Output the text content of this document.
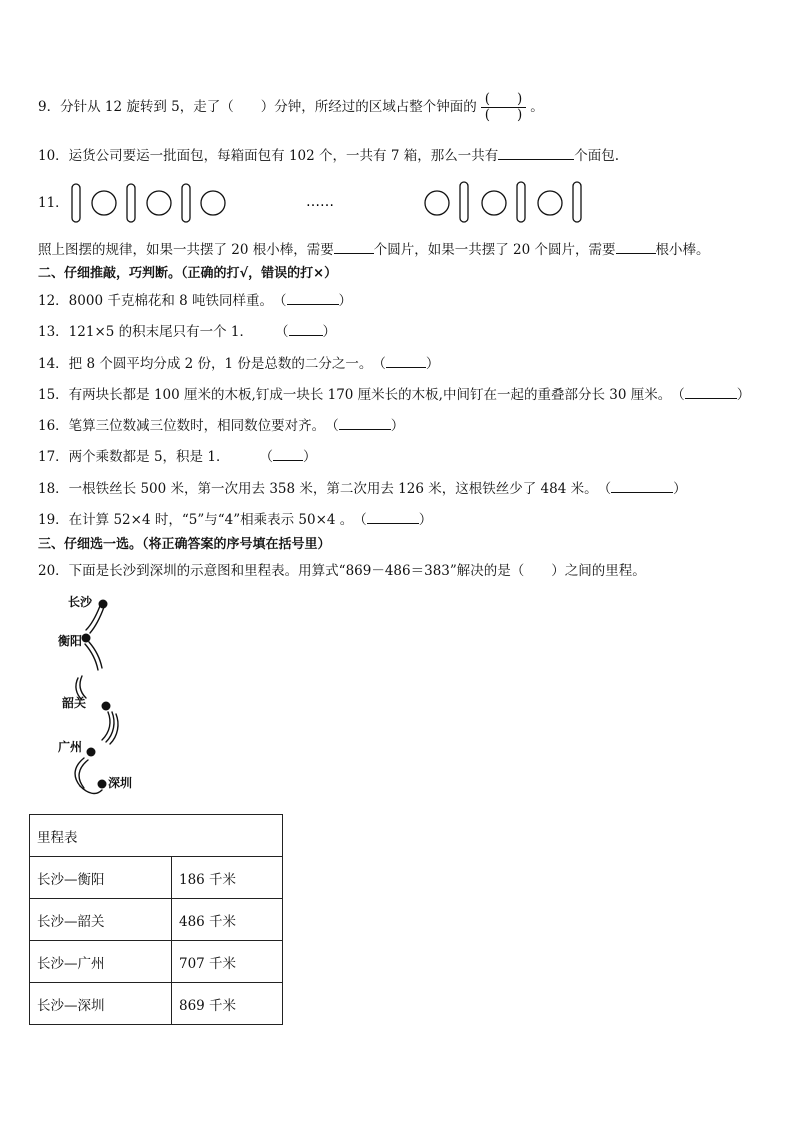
9．分针从 12 旋转到 5，走了（　　）分钟，所经过的区域占整个钟面的 $\frac{( )}{( )}$ 。
10．运货公司要运一批面包，每箱面包有 102 个，一共有 7 箱，那么一共有	个面包.
11．	……
照上图摆的规律，如果一共摆了 20 根小棒，需要	个圆片，如果一共摆了 20 个圆片，需要	根小棒。
二、仔细推敲，巧判断。（正确的打√，错误的打×）
12．8000 千克棉花和 8 吨铁同样重。（	）
13．121×5 的积末尾只有一个 1． （	）
14．把 8 个圆平均分成 2 份，1 份是总数的二分之一。（	）
15．有两块长都是 100 厘米的木板,钉成一块长 170 厘米长的木板,中间钉在一起的重叠部分长 30 厘米。（	）
16．笔算三位数减三位数时，相同数位要对齐。（	）
17．两个乘数都是 5，积是 1． （ ）
18．一根铁丝长 500 米，第一次用去 358 米，第二次用去 126 米，这根铁丝少了 484 米。（	）
19．在计算 52×4 时，“5”与“4”相乘表示 50×4 。（	）
三、仔细选一选。（将正确答案的序号填在括号里）
20．下面是长沙到深圳的示意图和里程表。用算式“869－486＝383”解决的是（　　）之间的里程。
长沙
衡阳
韶关
广州
深圳
里程表	
长沙—衡阳	186 千米
长沙—韶关	486 千米
长沙—广州	707 千米
长沙—深圳	869 千米
